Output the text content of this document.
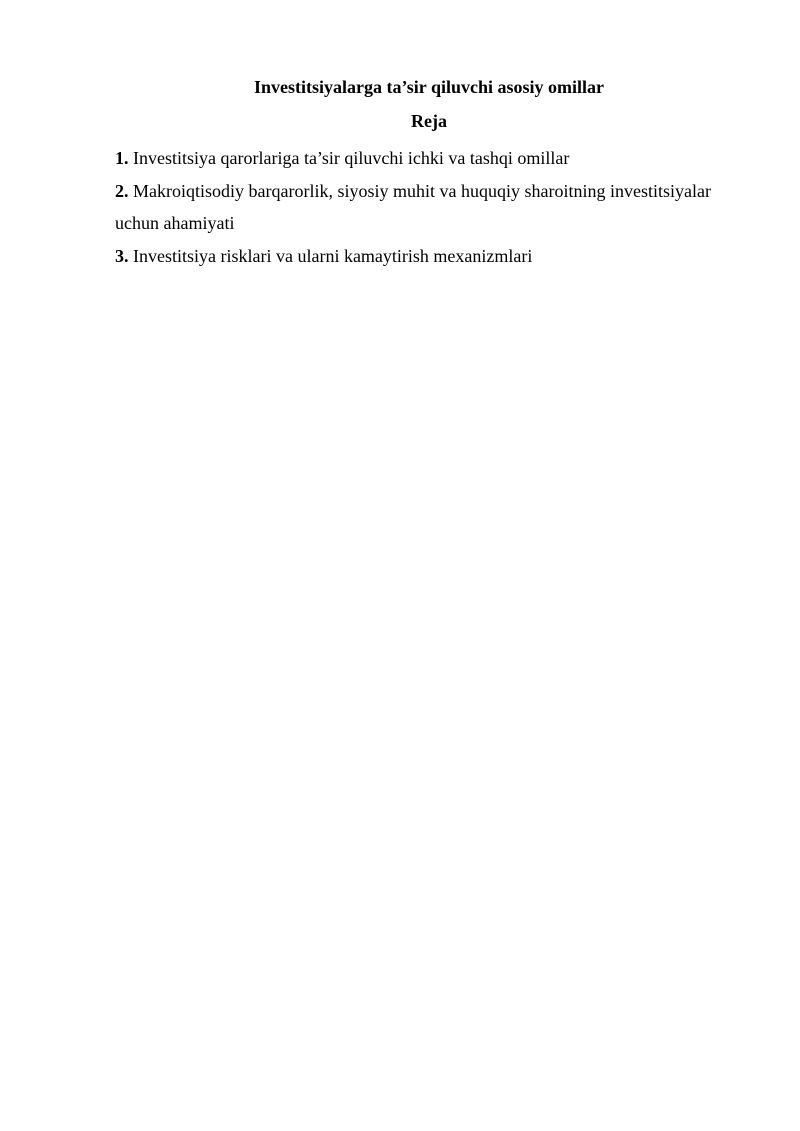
Investitsiyalarga ta’sir qiluvchi asosiy omillar
Reja
1. Investitsiya qarorlariga ta’sir qiluvchi ichki va tashqi omillar
2. Makroiqtisodiy barqarorlik, siyosiy muhit va huquqiy sharoitning investitsiyalar uchun ahamiyati
3. Investitsiya risklari va ularni kamaytirish mexanizmlari
